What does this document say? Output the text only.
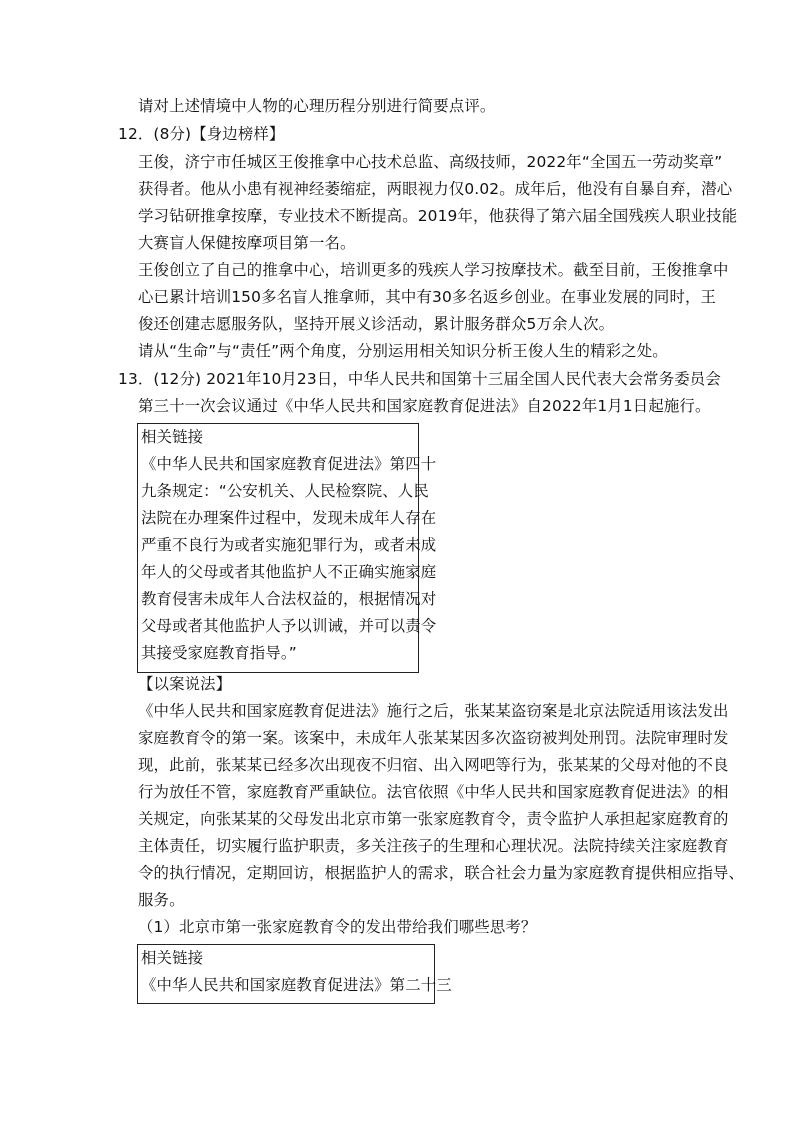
请对上述情境中人物的心理历程分别进行简要点评。
12．(8分)【身边榜样】
王俊，济宁市任城区王俊推拿中心技术总监、高级技师，2022年“全国五一劳动奖章”
获得者。他从小患有视神经萎缩症，两眼视力仅0.02。成年后，他没有自暴自弃，潜心
学习钻研推拿按摩，专业技术不断提高。2019年，他获得了第六届全国残疾人职业技能
大赛盲人保健按摩项目第一名。
王俊创立了自己的推拿中心，培训更多的残疾人学习按摩技术。截至目前，王俊推拿中
心已累计培训150多名盲人推拿师，其中有30多名返乡创业。在事业发展的同时，王
俊还创建志愿服务队，坚持开展义诊活动，累计服务群众5万余人次。
请从“生命”与“责任”两个角度，分别运用相关知识分析王俊人生的精彩之处。
13．(12分) 2021年10月23日，中华人民共和国第十三届全国人民代表大会常务委员会
第三十一次会议通过《中华人民共和国家庭教育促进法》自2022年1月1日起施行。
相关链接
《中华人民共和国家庭教育促进法》第四十
九条规定：“公安机关、人民检察院、人民
法院在办理案件过程中，发现未成年人存在
严重不良行为或者实施犯罪行为，或者未成
年人的父母或者其他监护人不正确实施家庭
教育侵害未成年人合法权益的，根据情况对
父母或者其他监护人予以训诫，并可以责令
其接受家庭教育指导。”
【以案说法】
《中华人民共和国家庭教育促进法》施行之后，张某某盗窃案是北京法院适用该法发出
家庭教育令的第一案。该案中，未成年人张某某因多次盗窃被判处刑罚。法院审理时发
现，此前，张某某已经多次出现夜不归宿、出入网吧等行为，张某某的父母对他的不良
行为放任不管，家庭教育严重缺位。法官依照《中华人民共和国家庭教育促进法》的相
关规定，向张某某的父母发出北京市第一张家庭教育令，责令监护人承担起家庭教育的
主体责任，切实履行监护职责，多关注孩子的生理和心理状况。法院持续关注家庭教育
令的执行情况，定期回访，根据监护人的需求，联合社会力量为家庭教育提供相应指导、
服务。
（1）北京市第一张家庭教育令的发出带给我们哪些思考？
相关链接
《中华人民共和国家庭教育促进法》第二十三
